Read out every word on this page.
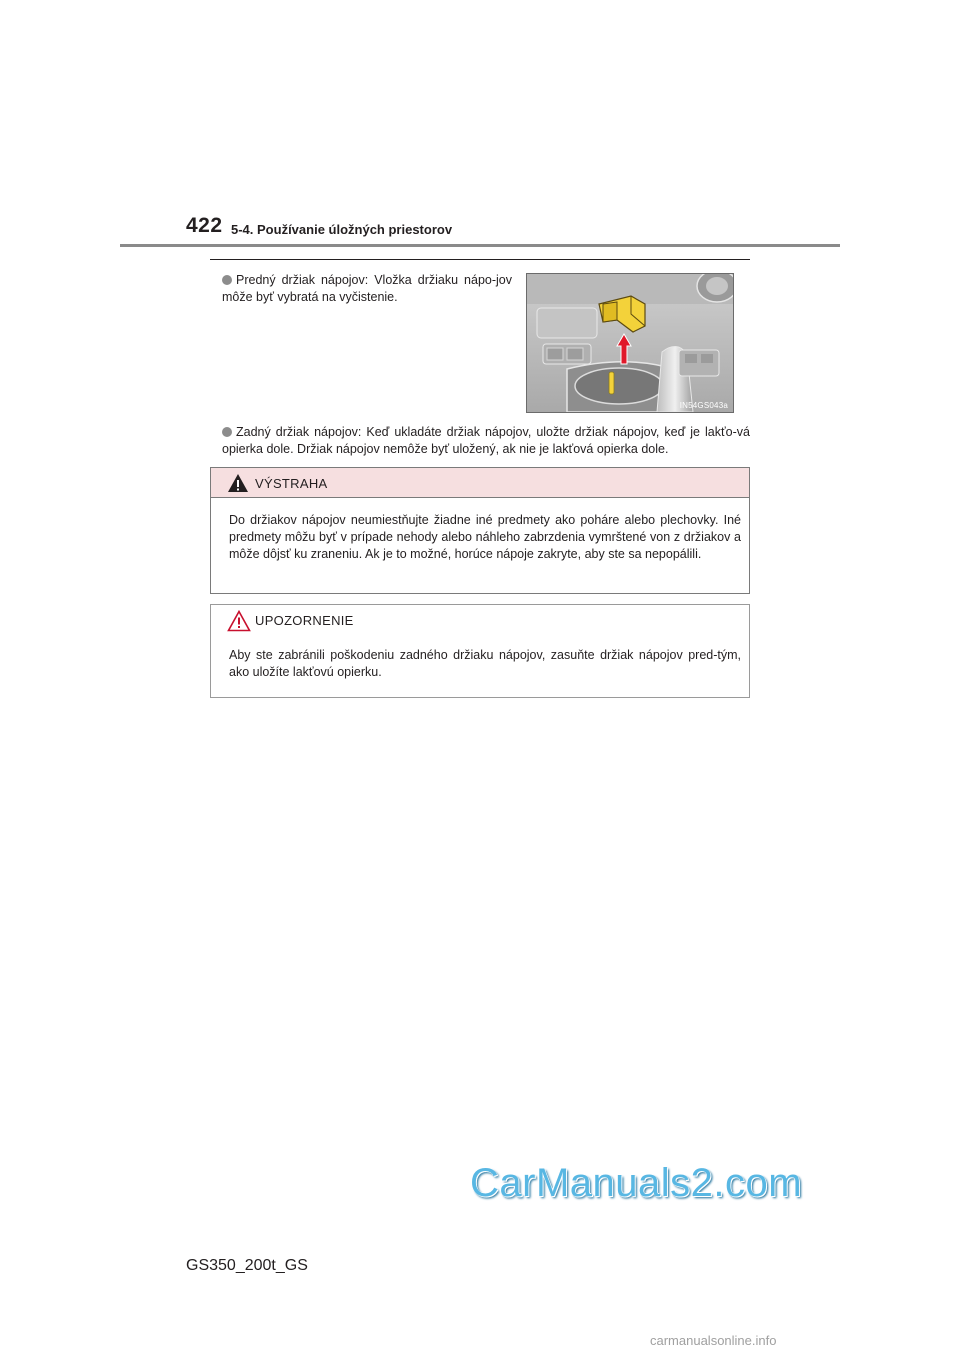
422 5-4. Používanie úložných priestorov
Predný držiak nápojov: Vložka držiaku nápo-jov môže byť vybratá na vyčistenie.
IN54GS043a
Zadný držiak nápojov: Keď ukladáte držiak nápojov, uložte držiak nápojov, keď je lakťo-vá opierka dole. Držiak nápojov nemôže byť uložený, ak nie je lakťová opierka dole.
VÝSTRAHA
Do držiakov nápojov neumiestňujte žiadne iné predmety ako poháre alebo plechovky. Iné predmety môžu byť v prípade nehody alebo náhleho zabrzdenia vymrštené von z držiakov a môže dôjsť ku zraneniu. Ak je to možné, horúce nápoje zakryte, aby ste sa nepopálili.
UPOZORNENIE
Aby ste zabránili poškodeniu zadného držiaku nápojov, zasuňte držiak nápojov pred-tým, ako uložíte lakťovú opierku.
CarManuals2.com
GS350_200t_GS
carmanualsonline.info
